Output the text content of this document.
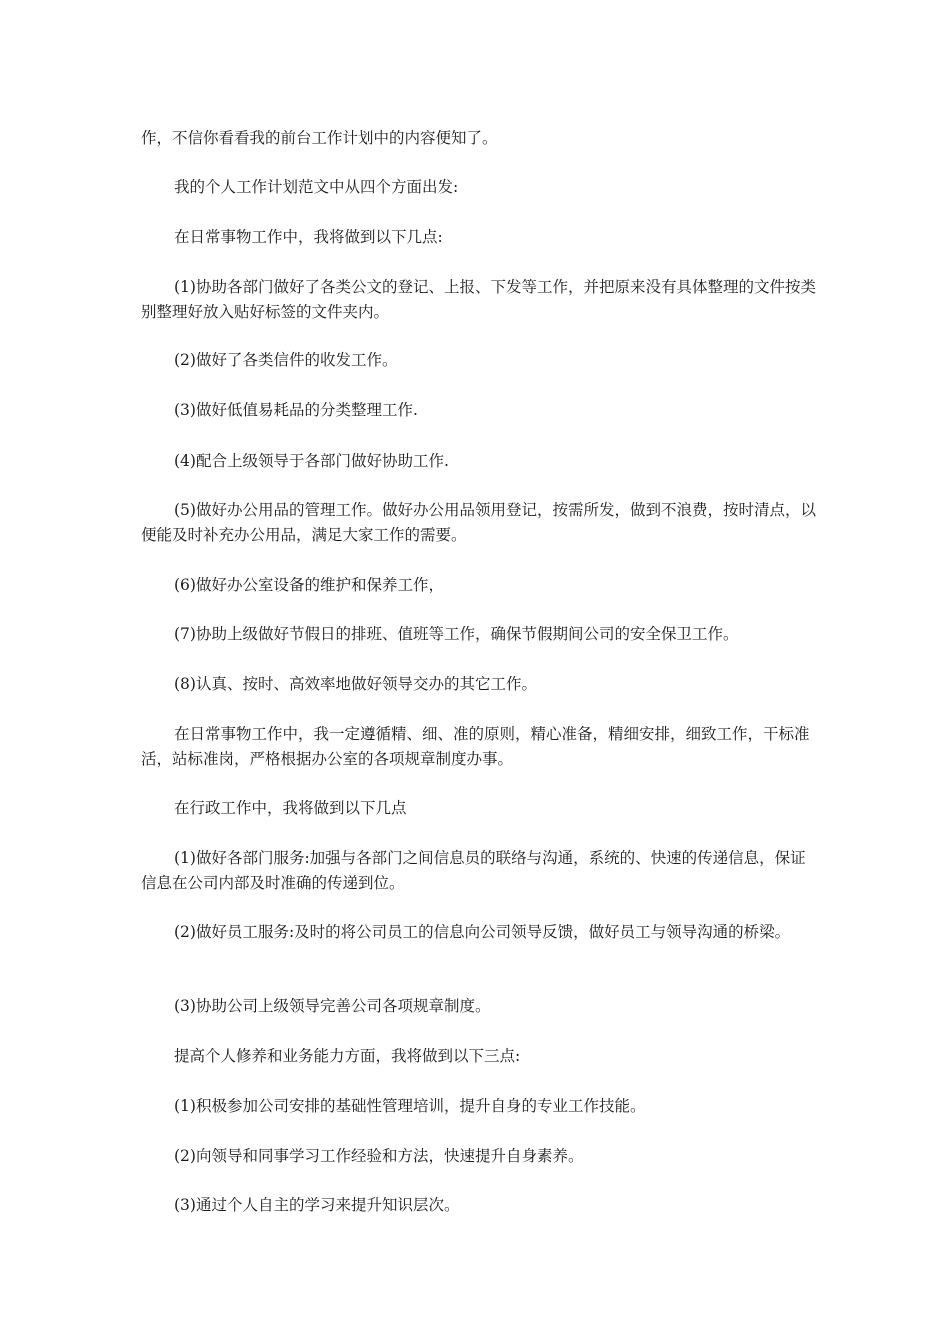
作，不信你看看我的前台工作计划中的内容便知了。

我的个人工作计划范文中从四个方面出发:

在日常事物工作中，我将做到以下几点:

(1)协助各部门做好了各类公文的登记、上报、下发等工作，并把原来没有具体整理的文件按类别整理好放入贴好标签的文件夹内。

(2)做好了各类信件的收发工作。

(3)做好低值易耗品的分类整理工作.

(4)配合上级领导于各部门做好协助工作.

(5)做好办公用品的管理工作。做好办公用品领用登记，按需所发，做到不浪费，按时清点，以便能及时补充办公用品，满足大家工作的需要。

(6)做好办公室设备的维护和保养工作，

(7)协助上级做好节假日的排班、值班等工作，确保节假期间公司的安全保卫工作。

(8)认真、按时、高效率地做好领导交办的其它工作。

在日常事物工作中，我一定遵循精、细、准的原则，精心准备，精细安排，细致工作，干标准活，站标准岗，严格根据办公室的各项规章制度办事。

在行政工作中，我将做到以下几点

(1)做好各部门服务:加强与各部门之间信息员的联络与沟通，系统的、快速的传递信息，保证信息在公司内部及时准确的传递到位。

(2)做好员工服务:及时的将公司员工的信息向公司领导反馈，做好员工与领导沟通的桥梁。

(3)协助公司上级领导完善公司各项规章制度。

提高个人修养和业务能力方面，我将做到以下三点:

(1)积极参加公司安排的基础性管理培训，提升自身的专业工作技能。

(2)向领导和同事学习工作经验和方法，快速提升自身素养。

(3)通过个人自主的学习来提升知识层次。
